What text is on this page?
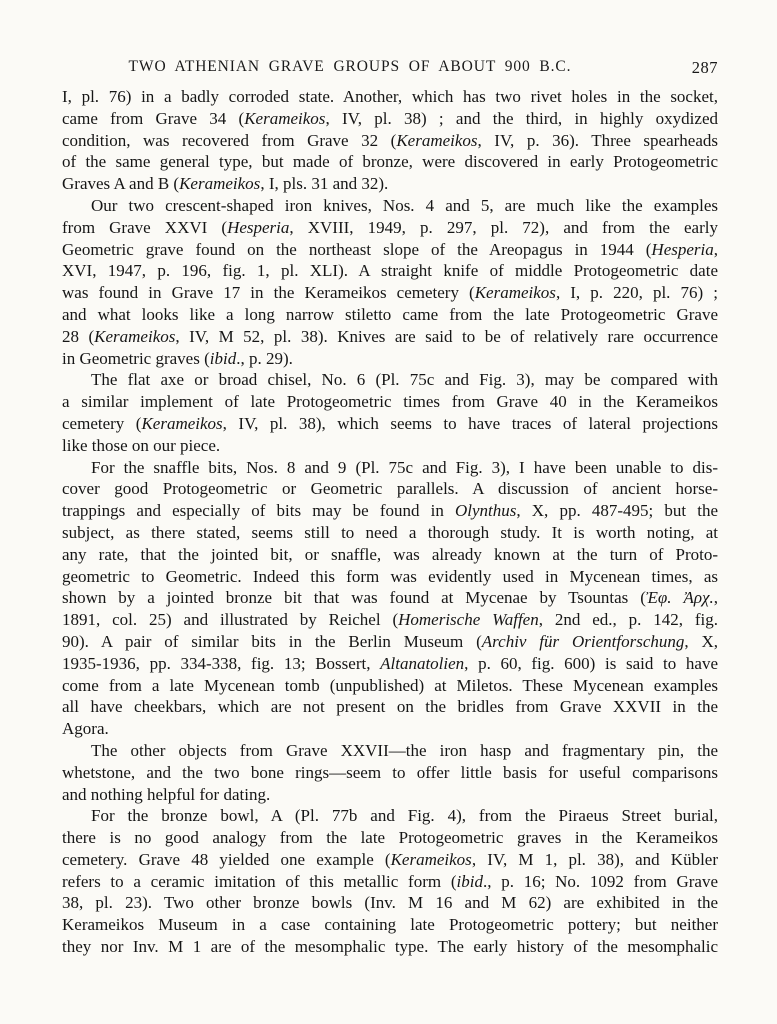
TWO ATHENIAN GRAVE GROUPS OF ABOUT 900 B.C.	287
I, pl. 76) in a badly corroded state. Another, which has two rivet holes in the socket,
came from Grave 34 (Kerameikos, IV, pl. 38) ; and the third, in highly oxydized
condition, was recovered from Grave 32 (Kerameikos, IV, p. 36). Three spearheads
of the same general type, but made of bronze, were discovered in early Protogeometric
Graves A and B (Kerameikos, I, pls. 31 and 32).
Our two crescent-shaped iron knives, Nos. 4 and 5, are much like the examples
from Grave XXVI (Hesperia, XVIII, 1949, p. 297, pl. 72), and from the early
Geometric grave found on the northeast slope of the Areopagus in 1944 (Hesperia,
XVI, 1947, p. 196, fig. 1, pl. XLI). A straight knife of middle Protogeometric date
was found in Grave 17 in the Kerameikos cemetery (Kerameikos, I, p. 220, pl. 76) ;
and what looks like a long narrow stiletto came from the late Protogeometric Grave
28 (Kerameikos, IV, M 52, pl. 38). Knives are said to be of relatively rare occurrence
in Geometric graves (ibid., p. 29).
The flat axe or broad chisel, No. 6 (Pl. 75c and Fig. 3), may be compared with
a similar implement of late Protogeometric times from Grave 40 in the Kerameikos
cemetery (Kerameikos, IV, pl. 38), which seems to have traces of lateral projections
like those on our piece.
For the snaffle bits, Nos. 8 and 9 (Pl. 75c and Fig. 3), I have been unable to dis-
cover good Protogeometric or Geometric parallels. A discussion of ancient horse-
trappings and especially of bits may be found in Olynthus, X, pp. 487-495; but the
subject, as there stated, seems still to need a thorough study. It is worth noting, at
any rate, that the jointed bit, or snaffle, was already known at the turn of Proto-
geometric to Geometric. Indeed this form was evidently used in Mycenean times, as
shown by a jointed bronze bit that was found at Mycenae by Tsountas (Ἐφ. Ἀρχ.,
1891, col. 25) and illustrated by Reichel (Homerische Waffen, 2nd ed., p. 142, fig.
90). A pair of similar bits in the Berlin Museum (Archiv für Orientforschung, X,
1935-1936, pp. 334-338, fig. 13; Bossert, Altanatolien, p. 60, fig. 600) is said to have
come from a late Mycenean tomb (unpublished) at Miletos. These Mycenean examples
all have cheekbars, which are not present on the bridles from Grave XXVII in the
Agora.
The other objects from Grave XXVII—the iron hasp and fragmentary pin, the
whetstone, and the two bone rings—seem to offer little basis for useful comparisons
and nothing helpful for dating.
For the bronze bowl, A (Pl. 77b and Fig. 4), from the Piraeus Street burial,
there is no good analogy from the late Protogeometric graves in the Kerameikos
cemetery. Grave 48 yielded one example (Kerameikos, IV, M 1, pl. 38), and Kübler
refers to a ceramic imitation of this metallic form (ibid., p. 16; No. 1092 from Grave
38, pl. 23). Two other bronze bowls (Inv. M 16 and M 62) are exhibited in the
Kerameikos Museum in a case containing late Protogeometric pottery; but neither
they nor Inv. M 1 are of the mesomphalic type. The early history of the mesomphalic
